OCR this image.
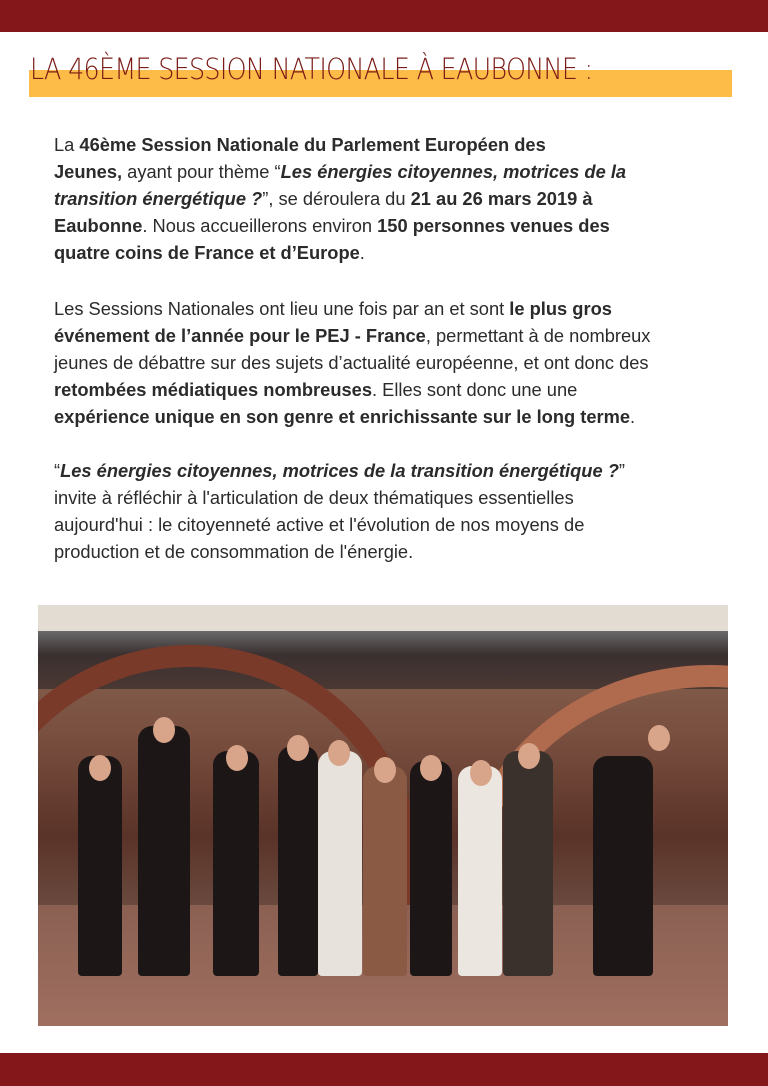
LA 46ÈME SESSION NATIONALE À EAUBONNE :
La 46ème Session Nationale du Parlement Européen des
Jeunes, ayant pour thème “Les énergies citoyennes, motrices de la
transition énergétique ?”, se déroulera du 21 au 26 mars 2019 à
Eaubonne. Nous accueillerons environ 150 personnes venues des
quatre coins de France et d’Europe.
Les Sessions Nationales ont lieu une fois par an et sont le plus gros
événement de l’année pour le PEJ - France, permettant à de nombreux
jeunes de débattre sur des sujets d’actualité européenne, et ont donc des
retombées médiatiques nombreuses. Elles sont donc une une
expérience unique en son genre et enrichissante sur le long terme.
“Les énergies citoyennes, motrices de la transition énergétique ?”
invite à réfléchir à l'articulation de deux thématiques essentielles
aujourd'hui : le citoyenneté active et l'évolution de nos moyens de
production et de consommation de l'énergie.
